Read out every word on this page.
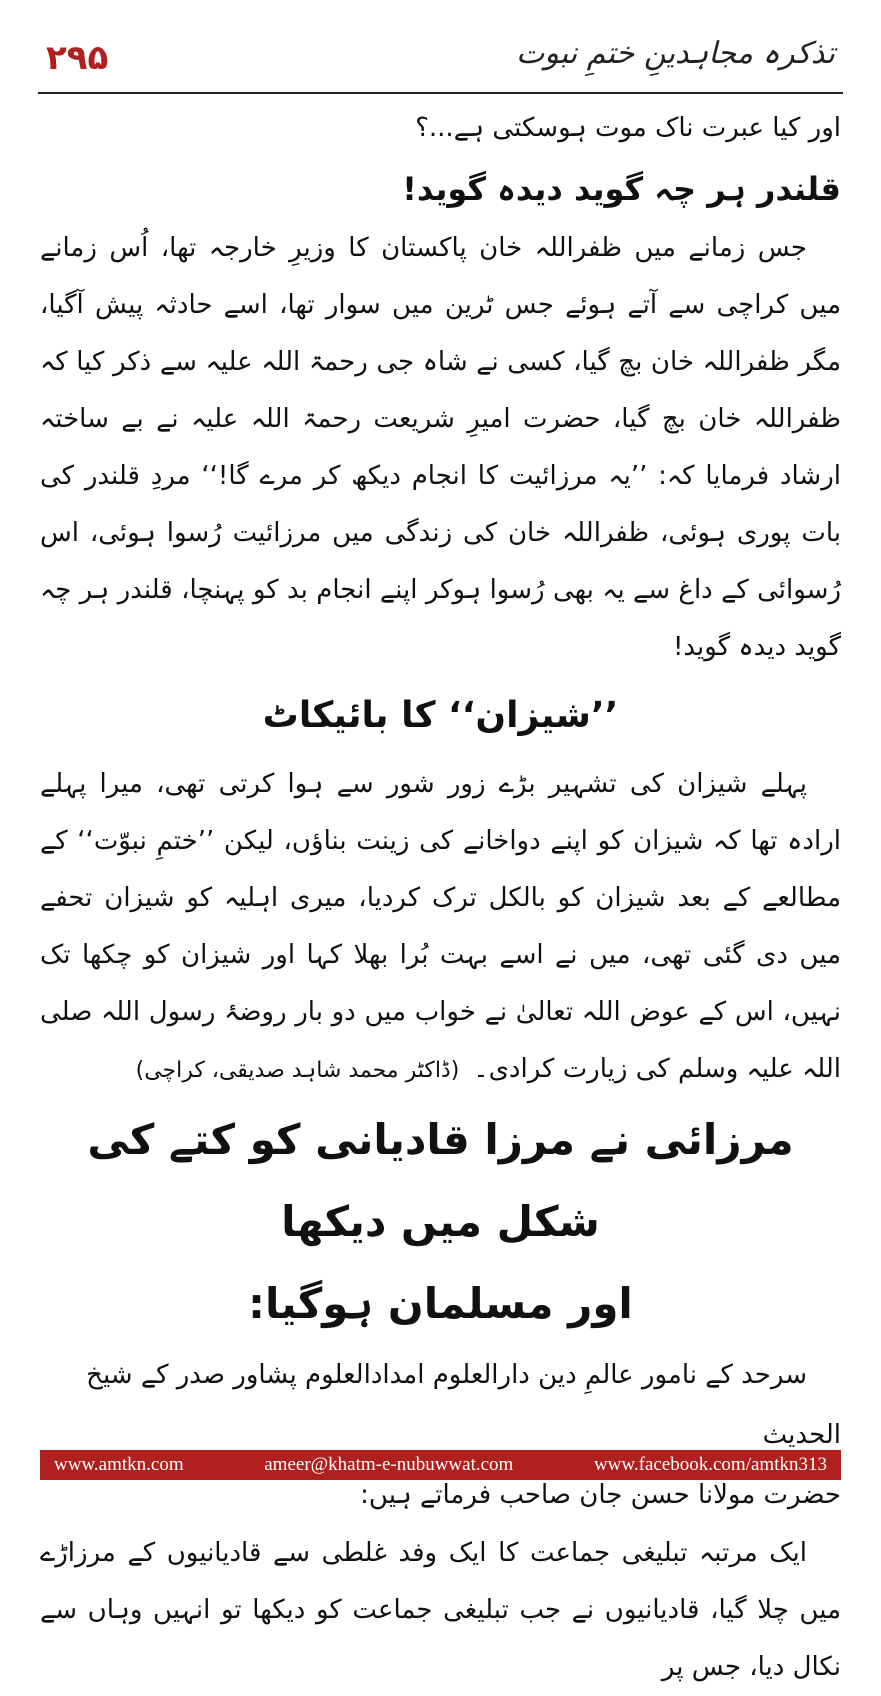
۲۹۵	تذکرہ مجاہدینِ ختمِ نبوت

اور کیا عبرت ناک موت ہوسکتی ہے...؟

قلندر ہر چہ گوید دیدہ گوید!

جس زمانے میں ظفراللہ خان پاکستان کا وزیرِ خارجہ تھا، اُس زمانے میں کراچی سے آتے ہوئے جس ٹرین میں سوار تھا، اسے حادثہ پیش آگیا، مگر ظفراللہ خان بچ گیا، کسی نے شاہ جی رحمۃ اللہ علیہ سے ذکر کیا کہ ظفراللہ خان بچ گیا، حضرت امیرِ شریعت رحمۃ اللہ علیہ نے بے ساختہ ارشاد فرمایا کہ: ’’یہ مرزائیت کا انجام دیکھ کر مرے گا!‘‘ مردِ قلندر کی بات پوری ہوئی، ظفراللہ خان کی زندگی میں مرزائیت رُسوا ہوئی، اس رُسوائی کے داغ سے یہ بھی رُسوا ہوکر اپنے انجام بد کو پہنچا، قلندر ہر چہ گوید دیدہ گوید!

’’شیزان‘‘ کا بائیکاٹ

پہلے شیزان کی تشہیر بڑے زور شور سے ہوا کرتی تھی، میرا پہلے ارادہ تھا کہ شیزان کو اپنے دواخانے کی زینت بناؤں، لیکن ’’ختمِ نبوّت‘‘ کے مطالعے کے بعد شیزان کو بالکل ترک کردیا، میری اہلیہ کو شیزان تحفے میں دی گئی تھی، میں نے اسے بہت بُرا بھلا کہا اور شیزان کو چکھا تک نہیں، اس کے عوض اللہ تعالیٰ نے خواب میں دو بار روضۂ رسول اللہ صلی اللہ علیہ وسلم کی زیارت کرادی۔(ڈاکٹر محمد شاہد صدیقی، کراچی)

مرزائی نے مرزا قادیانی کو کتے کی شکل میں دیکھا

اور مسلمان ہوگیا:

سرحد کے نامور عالمِ دین دارالعلوم امدادالعلوم پشاور صدر کے شیخ الحدیث

حضرت مولانا حسن جان صاحب فرماتے ہیں:

ایک مرتبہ تبلیغی جماعت کا ایک وفد غلطی سے قادیانیوں کے مرزاڑے میں چلا گیا، قادیانیوں نے جب تبلیغی جماعت کو دیکھا تو انہیں وہاں سے نکال دیا، جس پر

www.amtkn.com	ameer@khatm-e-nubuwwat.com	www.facebook.com/amtkn313
